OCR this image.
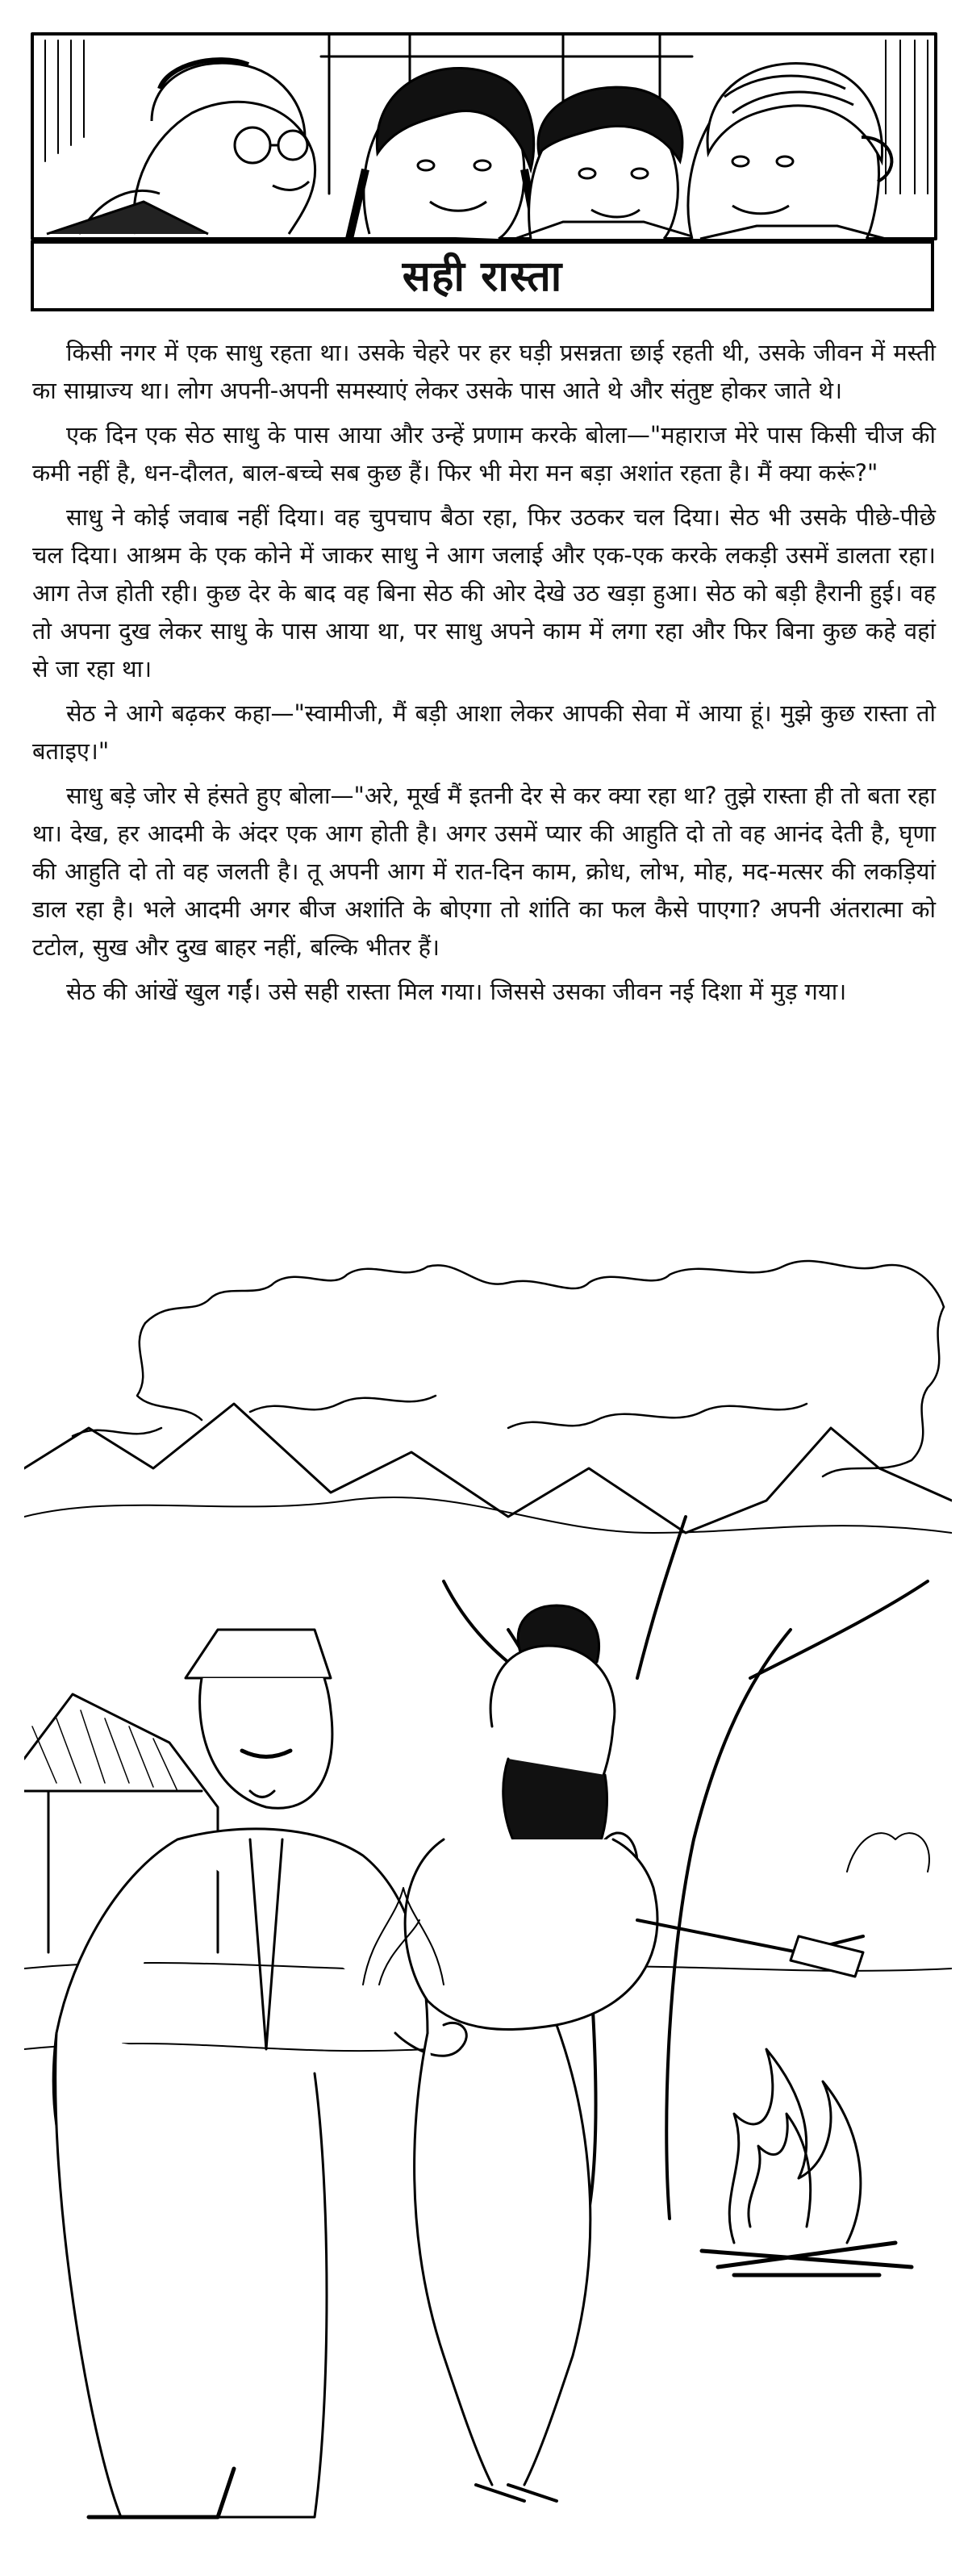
सही रास्ता

किसी नगर में एक साधु रहता था। उसके चेहरे पर हर घड़ी प्रसन्नता छाई रहती थी, उसके जीवन में मस्ती का साम्राज्य था। लोग अपनी-अपनी समस्याएं लेकर उसके पास आते थे और संतुष्ट होकर जाते थे।

एक दिन एक सेठ साधु के पास आया और उन्हें प्रणाम करके बोला—"महाराज मेरे पास किसी चीज की कमी नहीं है, धन-दौलत, बाल-बच्चे सब कुछ हैं। फिर भी मेरा मन बड़ा अशांत रहता है। मैं क्या करूं?"

साधु ने कोई जवाब नहीं दिया। वह चुपचाप बैठा रहा, फिर उठकर चल दिया। सेठ भी उसके पीछे-पीछे चल दिया। आश्रम के एक कोने में जाकर साधु ने आग जलाई और एक-एक करके लकड़ी उसमें डालता रहा। आग तेज होती रही। कुछ देर के बाद वह बिना सेठ की ओर देखे उठ खड़ा हुआ। सेठ को बड़ी हैरानी हुई। वह तो अपना दुख लेकर साधु के पास आया था, पर साधु अपने काम में लगा रहा और फिर बिना कुछ कहे वहां से जा रहा था।

सेठ ने आगे बढ़कर कहा—"स्वामीजी, मैं बड़ी आशा लेकर आपकी सेवा में आया हूं। मुझे कुछ रास्ता तो बताइए।"

साधु बड़े जोर से हंसते हुए बोला—"अरे, मूर्ख मैं इतनी देर से कर क्या रहा था? तुझे रास्ता ही तो बता रहा था। देख, हर आदमी के अंदर एक आग होती है। अगर उसमें प्यार की आहुति दो तो वह आनंद देती है, घृणा की आहुति दो तो वह जलती है। तू अपनी आग में रात-दिन काम, क्रोध, लोभ, मोह, मद-मत्सर की लकड़ियां डाल रहा है। भले आदमी अगर बीज अशांति के बोएगा तो शांति का फल कैसे पाएगा? अपनी अंतरात्मा को टटोल, सुख और दुख बाहर नहीं, बल्कि भीतर हैं।

सेठ की आंखें खुल गईं। उसे सही रास्ता मिल गया। जिससे उसका जीवन नई दिशा में मुड़ गया।
